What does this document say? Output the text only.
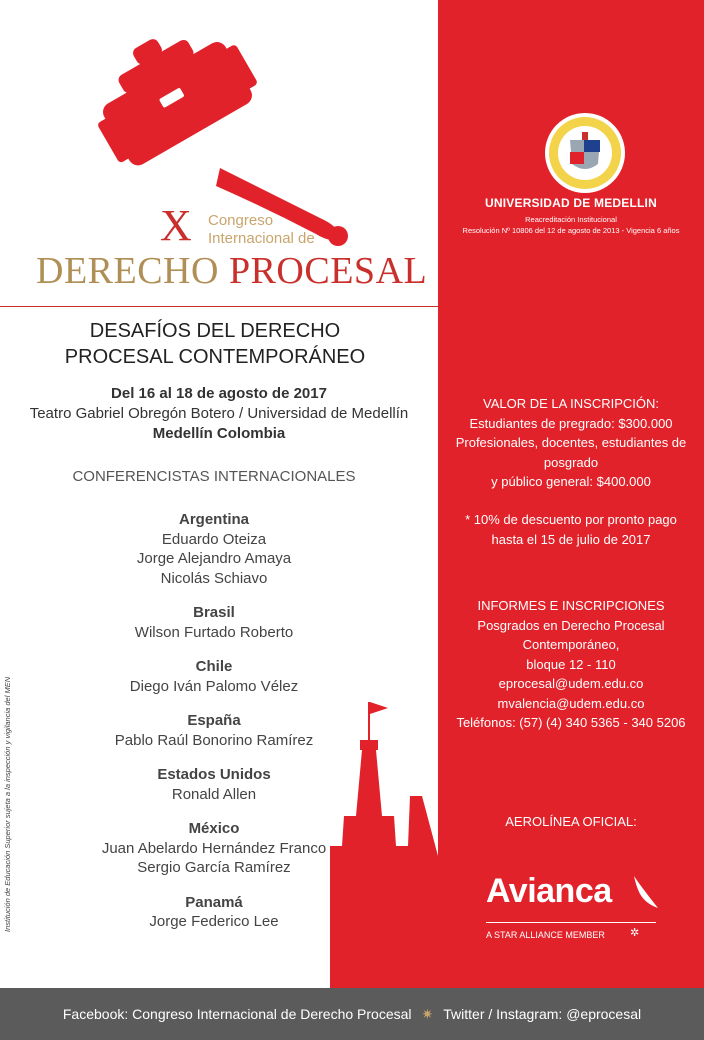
X Congreso
Internacional de
DERECHO PROCESAL
DESAFÍOS DEL DERECHO
PROCESAL CONTEMPORÁNEO
Del 16 al 18 de agosto de 2017
Teatro Gabriel Obregón Botero / Universidad de Medellín
Medellín Colombia
CONFERENCISTAS INTERNACIONALES
Argentina
Eduardo Oteiza
Jorge Alejandro Amaya
Nicolás Schiavo
Brasil
Wilson Furtado Roberto
Chile
Diego Iván Palomo Vélez
España
Pablo Raúl Bonorino Ramírez
Estados Unidos
Ronald Allen
México
Juan Abelardo Hernández Franco
Sergio García Ramírez
Panamá
Jorge Federico Lee
Institución de Educación Superior sujeta a la inspección y vigilancia del MEN
UNIVERSIDAD DE MEDELLIN
Reacreditación Institucional
Resolución Nº 10806 del 12 de agosto de 2013 - Vigencia 6 años
VALOR DE LA INSCRIPCIÓN:
Estudiantes de pregrado: $300.000
Profesionales, docentes, estudiantes de posgrado
y público general: $400.000
* 10% de descuento por pronto pago
hasta el 15 de julio de 2017
INFORMES E INSCRIPCIONES
Posgrados en Derecho Procesal Contemporáneo,
bloque 12 - 110
eprocesal@udem.edu.co
mvalencia@udem.edu.co
Teléfonos: (57) (4) 340 5365 - 340 5206
AEROLÍNEA OFICIAL:
Avianca
A STAR ALLIANCE MEMBER ✲
Facebook: Congreso Internacional de Derecho Procesal ✷ Twitter / Instagram: @eprocesal
